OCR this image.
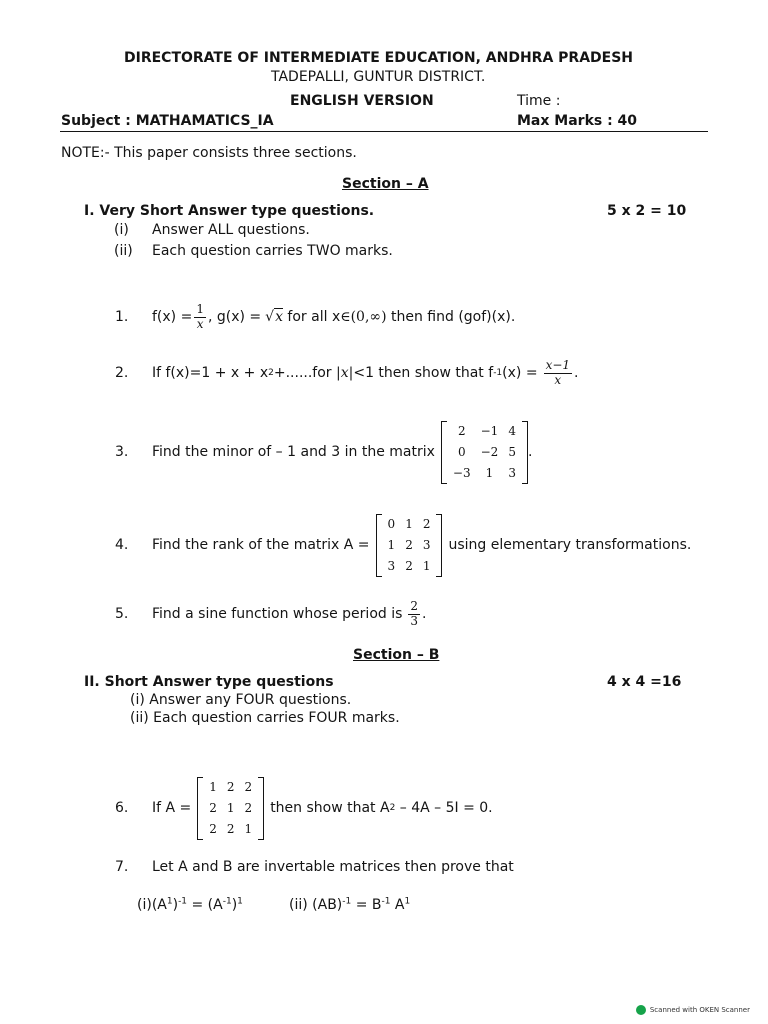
DIRECTORATE OF INTERMEDIATE EDUCATION, ANDHRA PRADESH
TADEPALLI, GUNTUR DISTRICT.
ENGLISH VERSION	Time :
Subject : MATHAMATICS_IA	Max Marks : 40
NOTE:- This paper consists three sections.
Section – A
I. Very Short Answer type questions.	5 x 2 = 10
(i) Answer ALL questions.
(ii) Each question carries TWO marks.
1. $f(x) = \frac{1}{x}$ , g(x) = √x for all x ∈(0,∞) then find (gof)(x).
2. If f(x)=1 + x + x 2 +......for |x| <1 then show that f -1 $(x) = \frac{x-1}{x}$ .
3. Find the minor of – 1 and 3 in the matrix
2	−1	4
0	−2	5
−3	1	3
.
4. Find the rank of the matrix A =
0	1	2
1	2	3
3	2	1
using elementary transformations.
5. Find a sine function whose period is $\frac{2}{3}$ .
Section – B
II. Short Answer type questions	4 x 4 =16
(i) Answer any FOUR questions.
(ii) Each question carries FOUR marks.
6. If A =
1	2	2
2	1	2
2	2	1
then show that A 2 – 4A – 5I = 0.
7. Let A and B are invertable matrices then prove that
$(i)(A^1)^{-1} = (A^{-1})^1$	(ii) $(AB)^{-1} = B^{-1}$ $A^1$
Scanned with OKEN Scanner
